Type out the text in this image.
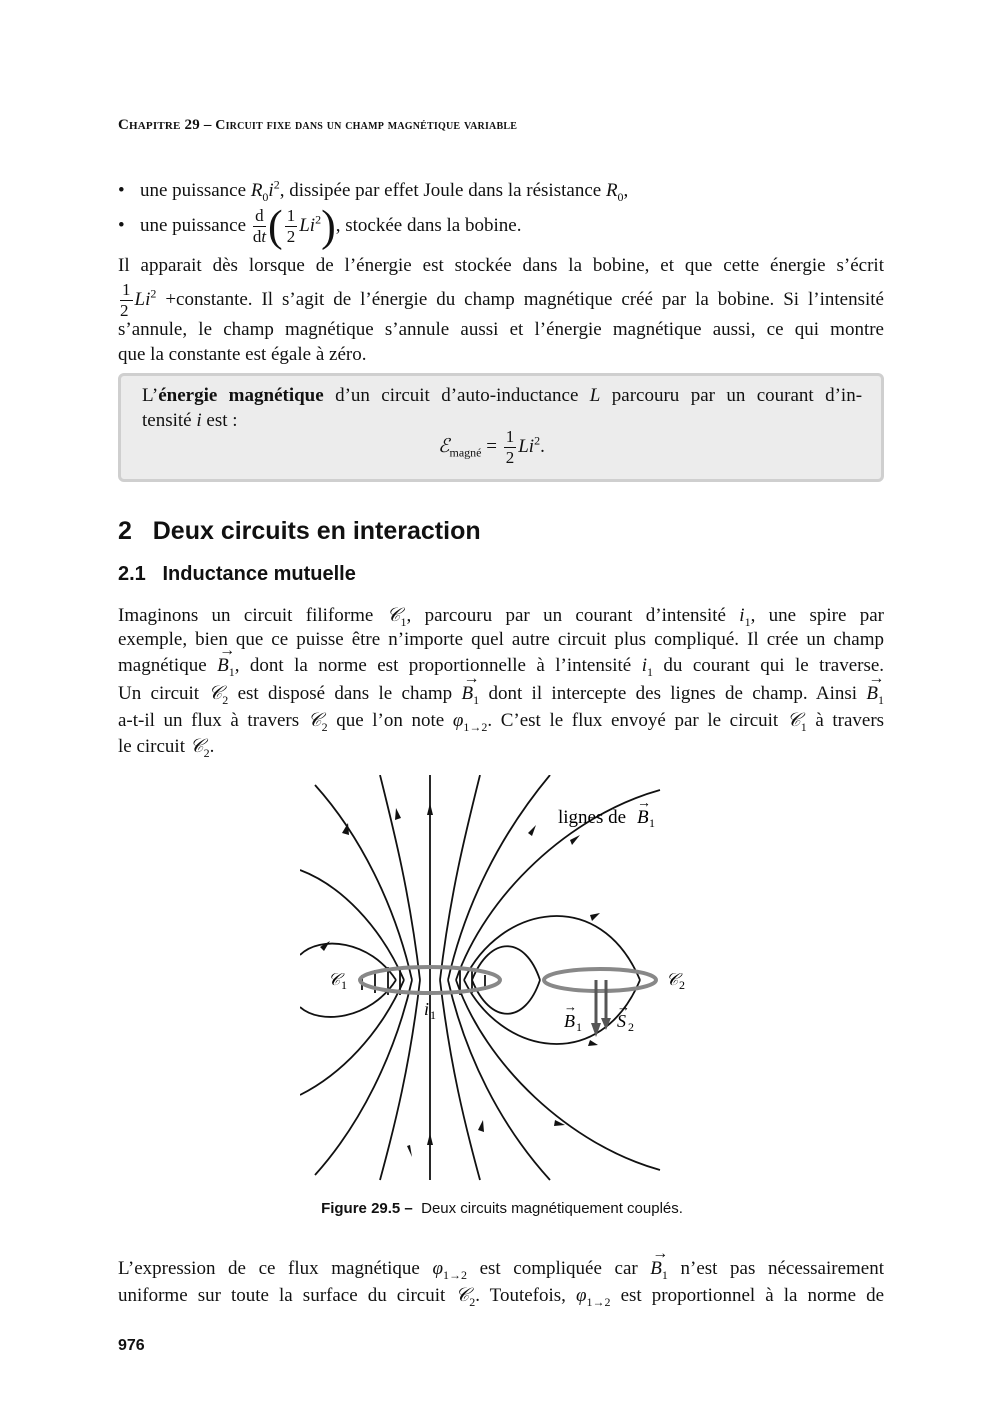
Chapitre 29 – Circuit fixe dans un champ magnétique variable
• une puissance $R_0i^2$, dissipée par effet Joule dans la résistance $R_0$,
• une puissance $\frac{d}{dt}$ ( $\frac{1}{2} Li^2$), stockée dans la bobine.
Il apparait dès lorsque de l’énergie est stockée dans la bobine, et que cette énergie s’écrit
$\frac{1}{2} Li^2$ +constante. Il s’agit de l’énergie du champ magnétique créé par la bobine. Si l’intensité
s’annule, le champ magnétique s’annule aussi et l’énergie magnétique aussi, ce qui montre
que la constante est égale à zéro.
L’énergie magnétique d’un circuit d’auto-inductance L parcouru par un courant d’in-
tensité i est :
ℰ$_{magné}$ = $\frac{1}{2} Li^2$.
2 Deux circuits en interaction
2.1 Inductance mutuelle
Imaginons un circuit filiforme 𝒞$_1$, parcouru par un courant d’intensité $i_1$, une spire par
exemple, bien que ce puisse être n’importe quel autre circuit plus compliqué. Il crée un champ
magnétique → $B_1$, dont la norme est proportionnelle à l’intensité $i_1$ du courant qui le traverse.
Un circuit 𝒞$_2$ est disposé dans le champ → $B_1$ dont il intercepte des lignes de champ. Ainsi → $B_1$
a-t-il un flux à travers 𝒞$_2$ que l’on note $\varphi_{1\to 2}$. C’est le flux envoyé par le circuit 𝒞$_1$ à travers
le circuit 𝒞$_2$.
lignes de B 1
→
𝒞 1	𝒞 2
i 1	B 1
→
S 2
→
Figure 29.5 – Deux circuits magnétiquement couplés.
L’expression de ce flux magnétique $\varphi_{1\to 2}$ est compliquée car → $B_1$ n’est pas nécessairement
uniforme sur toute la surface du circuit 𝒞$_2$. Toutefois, $\varphi_{1\to 2}$ est proportionnel à la norme de
976
